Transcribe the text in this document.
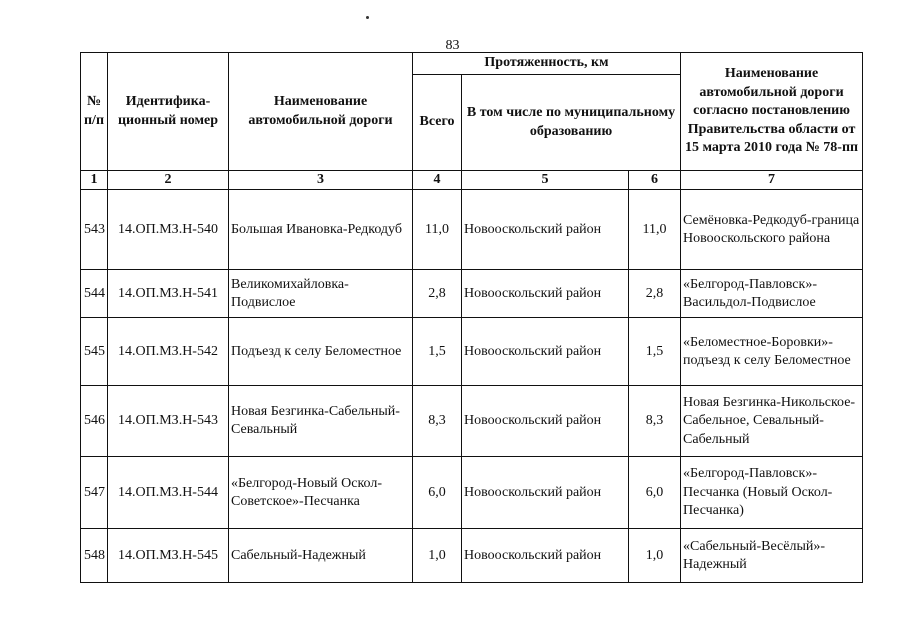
83
№ п/п	Идентифика-ционный номер	Наименование автомобильной дороги	Протяженность, км			Наименование автомобильной дороги согласно постановлению Правительства области от 15 марта 2010 года № 78-пп
			Всего	В том числе по муниципальному образованию		
1	2	3	4	5	6	7
543	14.ОП.МЗ.Н-540	Большая Ивановка-Редкодуб	11,0	Новооскольский район	11,0	Семёновка-Редкодуб-граница Новооскольского района
544	14.ОП.МЗ.Н-541	Великомихайловка-Подвислое	2,8	Новооскольский район	2,8	«Белгород-Павловск»-Васильдол-Подвислое
545	14.ОП.МЗ.Н-542	Подъезд к селу Беломестное	1,5	Новооскольский район	1,5	«Беломестное-Боровки»-подъезд к селу Беломестное
546	14.ОП.МЗ.Н-543	Новая Безгинка-Сабельный-Севальный	8,3	Новооскольский район	8,3	Новая Безгинка-Никольское-Сабельное, Севальный-Сабельный
547	14.ОП.МЗ.Н-544	«Белгород-Новый Оскол-Советское»-Песчанка	6,0	Новооскольский район	6,0	«Белгород-Павловск»-Песчанка (Новый Оскол-Песчанка)
548	14.ОП.МЗ.Н-545	Сабельный-Надежный	1,0	Новооскольский район	1,0	«Сабельный-Весёлый»-Надежный
